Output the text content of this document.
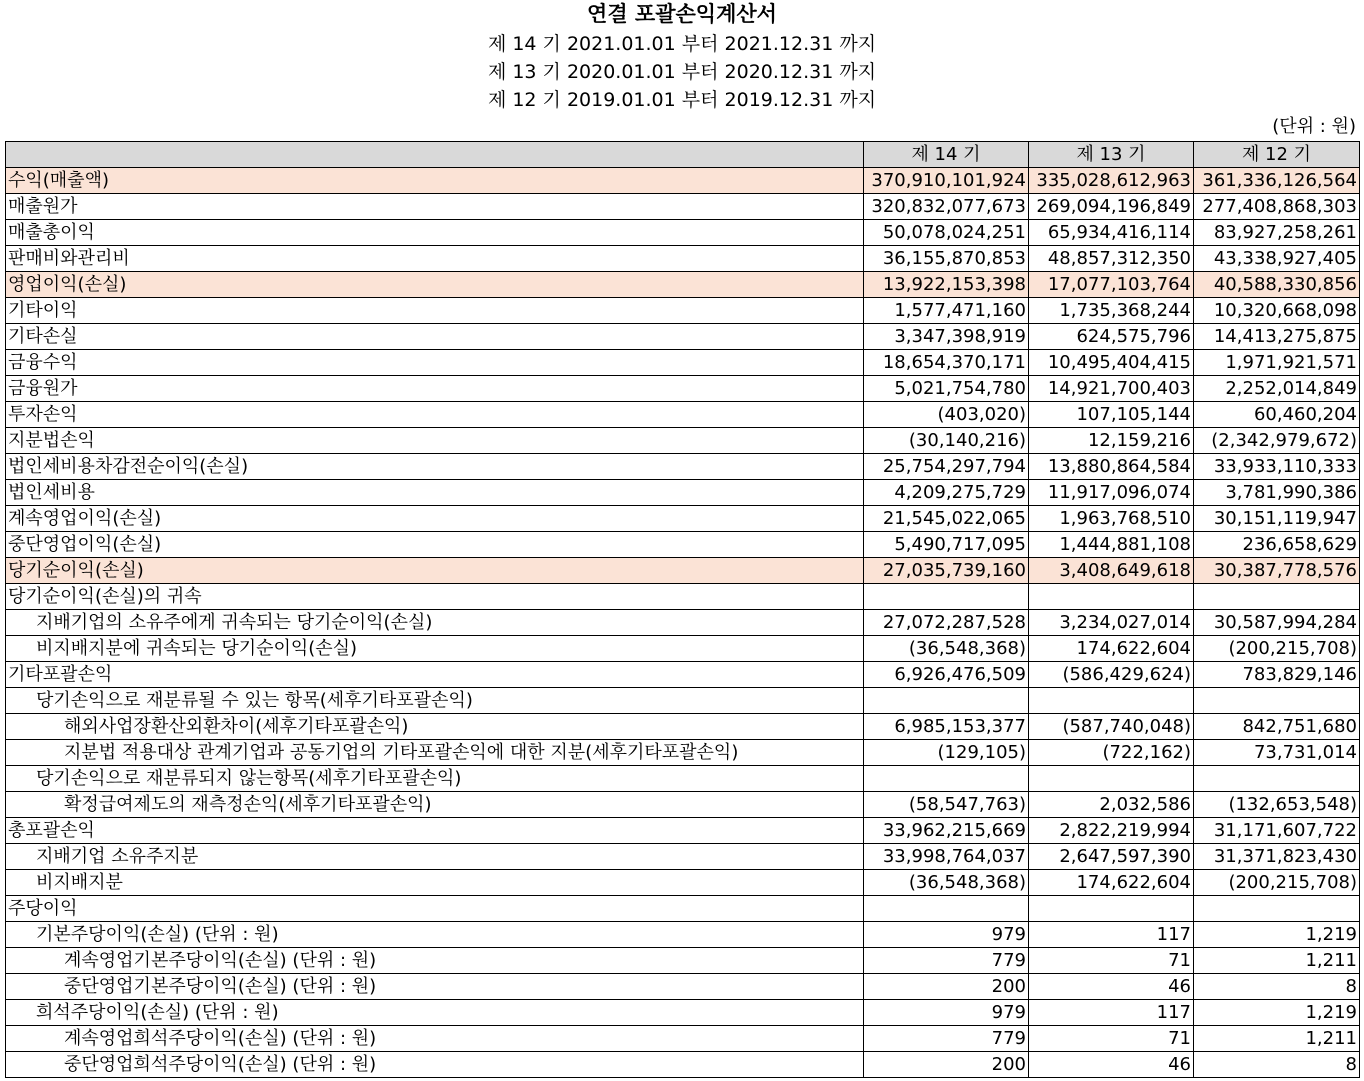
연결 포괄손익계산서
제 14 기 2021.01.01 부터 2021.12.31 까지
제 13 기 2020.01.01 부터 2020.12.31 까지
제 12 기 2019.01.01 부터 2019.12.31 까지
(단위 : 원)
	제 14 기	제 13 기	제 12 기
수익(매출액)	370,910,101,924	335,028,612,963	361,336,126,564
매출원가	320,832,077,673	269,094,196,849	277,408,868,303
매출총이익	50,078,024,251	65,934,416,114	83,927,258,261
판매비와관리비	36,155,870,853	48,857,312,350	43,338,927,405
영업이익(손실)	13,922,153,398	17,077,103,764	40,588,330,856
기타이익	1,577,471,160	1,735,368,244	10,320,668,098
기타손실	3,347,398,919	624,575,796	14,413,275,875
금융수익	18,654,370,171	10,495,404,415	1,971,921,571
금융원가	5,021,754,780	14,921,700,403	2,252,014,849
투자손익	(403,020)	107,105,144	60,460,204
지분법손익	(30,140,216)	12,159,216	(2,342,979,672)
법인세비용차감전순이익(손실)	25,754,297,794	13,880,864,584	33,933,110,333
법인세비용	4,209,275,729	11,917,096,074	3,781,990,386
계속영업이익(손실)	21,545,022,065	1,963,768,510	30,151,119,947
중단영업이익(손실)	5,490,717,095	1,444,881,108	236,658,629
당기순이익(손실)	27,035,739,160	3,408,649,618	30,387,778,576
당기순이익(손실)의 귀속			
지배기업의 소유주에게 귀속되는 당기순이익(손실)	27,072,287,528	3,234,027,014	30,587,994,284
비지배지분에 귀속되는 당기순이익(손실)	(36,548,368)	174,622,604	(200,215,708)
기타포괄손익	6,926,476,509	(586,429,624)	783,829,146
당기손익으로 재분류될 수 있는 항목(세후기타포괄손익)			
해외사업장환산외환차이(세후기타포괄손익)	6,985,153,377	(587,740,048)	842,751,680
지분법 적용대상 관계기업과 공동기업의 기타포괄손익에 대한 지분(세후기타포괄손익)	(129,105)	(722,162)	73,731,014
당기손익으로 재분류되지 않는항목(세후기타포괄손익)			
확정급여제도의 재측정손익(세후기타포괄손익)	(58,547,763)	2,032,586	(132,653,548)
총포괄손익	33,962,215,669	2,822,219,994	31,171,607,722
지배기업 소유주지분	33,998,764,037	2,647,597,390	31,371,823,430
비지배지분	(36,548,368)	174,622,604	(200,215,708)
주당이익			
기본주당이익(손실) (단위 : 원)	979	117	1,219
계속영업기본주당이익(손실) (단위 : 원)	779	71	1,211
중단영업기본주당이익(손실) (단위 : 원)	200	46	8
희석주당이익(손실) (단위 : 원)	979	117	1,219
계속영업희석주당이익(손실) (단위 : 원)	779	71	1,211
중단영업희석주당이익(손실) (단위 : 원)	200	46	8
